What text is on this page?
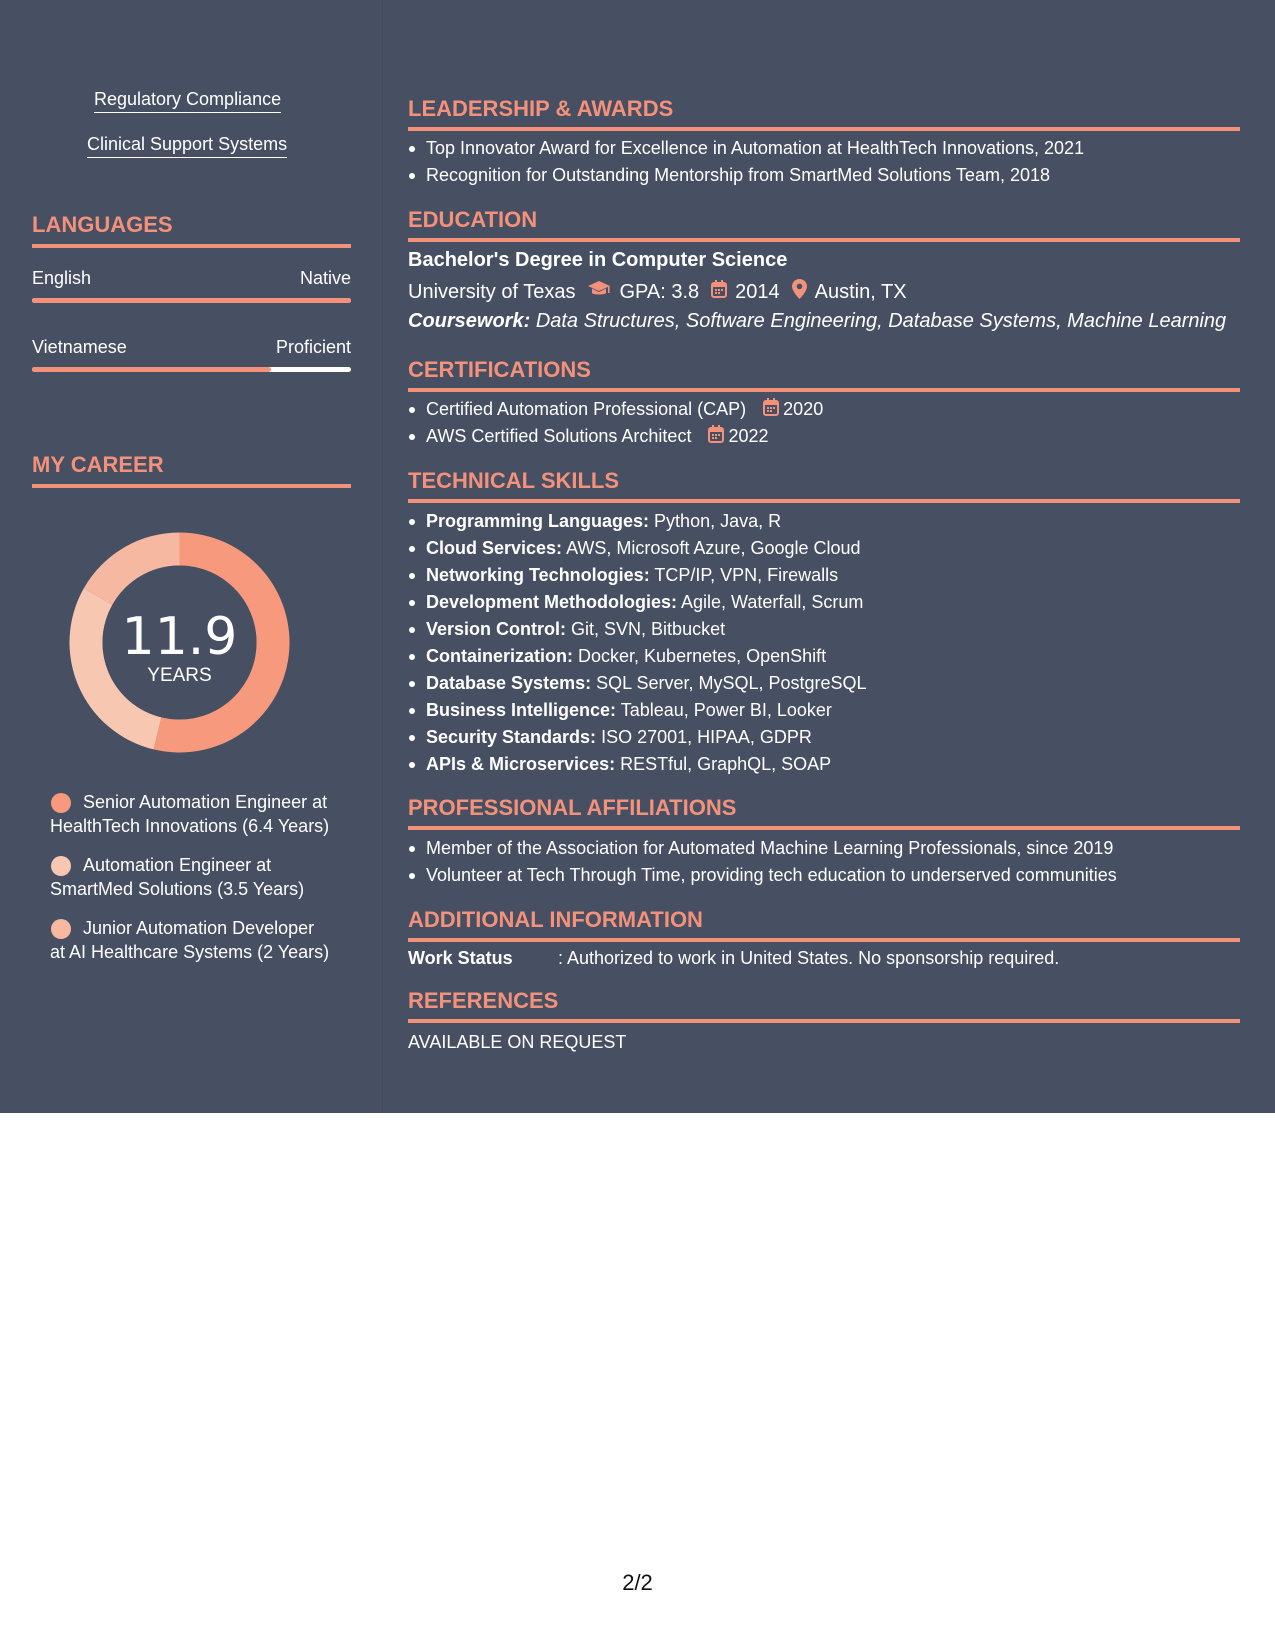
Regulatory Compliance
Clinical Support Systems
LANGUAGES
English	Native
Vietnamese	Proficient
MY CAREER
11.9
YEARS
Senior Automation Engineer at HealthTech Innovations (6.4 Years)
Automation Engineer at SmartMed Solutions (3.5 Years)
Junior Automation Developer at AI Healthcare Systems (2 Years)
LEADERSHIP & AWARDS
Top Innovator Award for Excellence in Automation at HealthTech Innovations, 2021
Recognition for Outstanding Mentorship from SmartMed Solutions Team, 2018
EDUCATION
Bachelor's Degree in Computer Science
University of Texas GPA: 3.8 2014 Austin, TX
Coursework: Data Structures, Software Engineering, Database Systems, Machine Learning
CERTIFICATIONS
Certified Automation Professional (CAP) 2020
AWS Certified Solutions Architect 2022
TECHNICAL SKILLS
Programming Languages: Python, Java, R
Cloud Services: AWS, Microsoft Azure, Google Cloud
Networking Technologies: TCP/IP, VPN, Firewalls
Development Methodologies: Agile, Waterfall, Scrum
Version Control: Git, SVN, Bitbucket
Containerization: Docker, Kubernetes, OpenShift
Database Systems: SQL Server, MySQL, PostgreSQL
Business Intelligence: Tableau, Power BI, Looker
Security Standards: ISO 27001, HIPAA, GDPR
APIs & Microservices: RESTful, GraphQL, SOAP
PROFESSIONAL AFFILIATIONS
Member of the Association for Automated Machine Learning Professionals, since 2019
Volunteer at Tech Through Time, providing tech education to underserved communities
ADDITIONAL INFORMATION
Work Status	: Authorized to work in United States. No sponsorship required.
REFERENCES
AVAILABLE ON REQUEST
2/2
